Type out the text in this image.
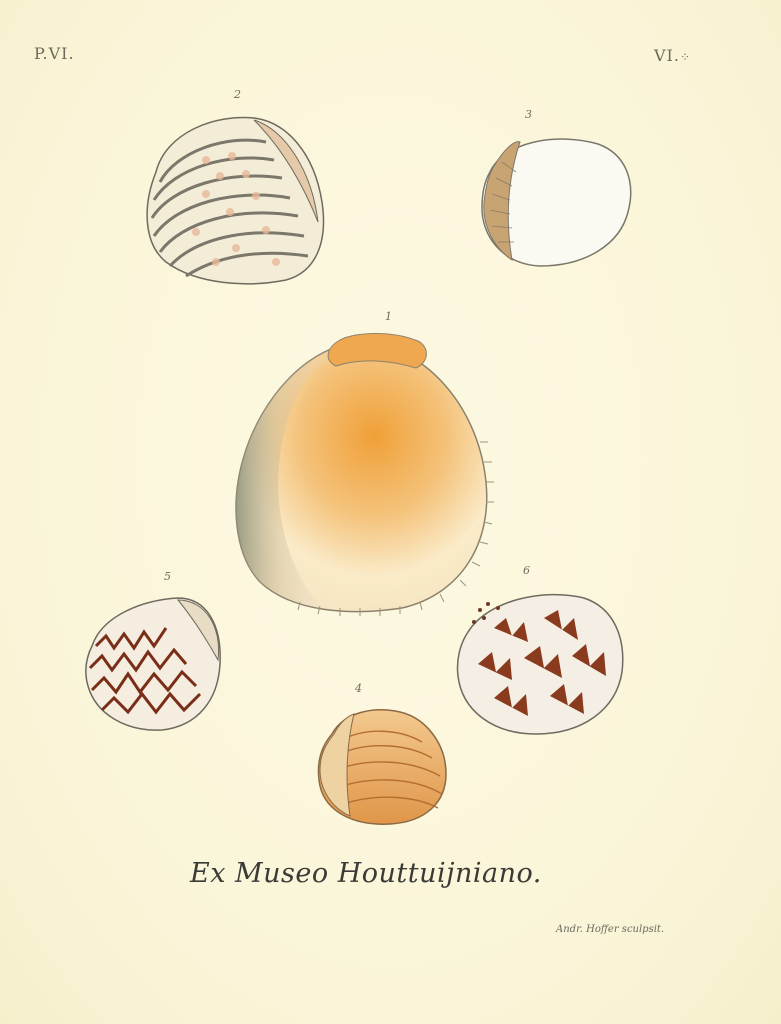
P.VI.	VI.⁘
2
3
1
5	6
4
Ex Museo Houttuijniano.
Andr. Hoffer sculpsit.
